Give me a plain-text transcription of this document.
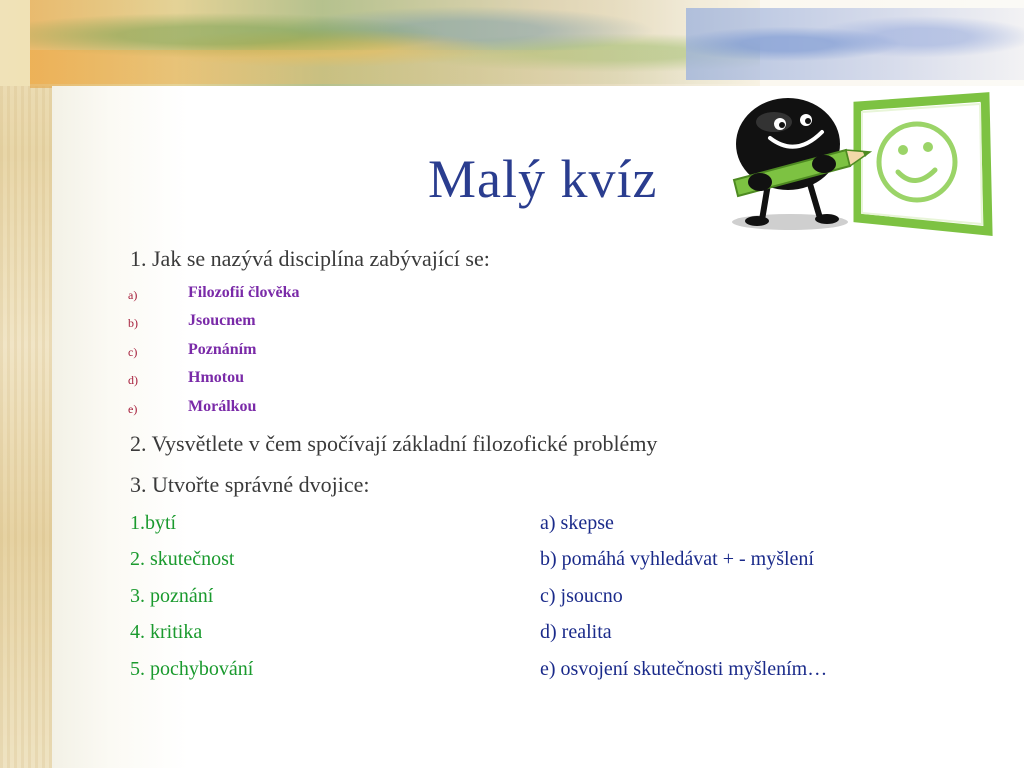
Malý kvíz
1. Jak se nazývá disciplína zabývající se:
a)	Filozofií člověka
b)	Jsoucnem
c)	Poznáním
d)	Hmotou
e)	Morálkou
2. Vysvětlete v čem spočívají základní filozofické problémy
3. Utvořte správné dvojice:
1.bytí	a) skepse
2. skutečnost	b) pomáhá vyhledávat + - myšlení
3. poznání	c) jsoucno
4. kritika	d) realita
5. pochybování	e) osvojení skutečnosti myšlením…
